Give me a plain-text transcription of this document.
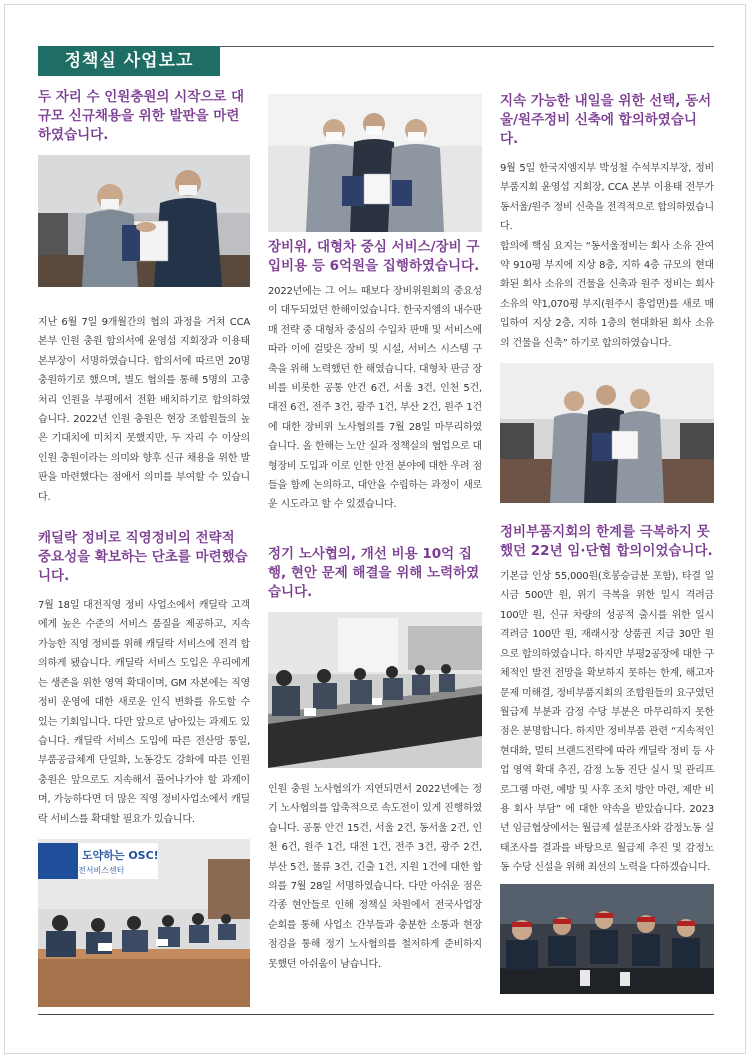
정책실 사업보고
두 자리 수 인원충원의 시작으로 대규모 신규채용을 위한 발판을 마련하였습니다.

지난 6월 7일 9개월간의 협의 과정을 거쳐 CCA 본부 인원 충원 합의서에 윤영섭 지회장과 이용태 본부장이 서명하였습니다. 합의서에 따르면 20명 충원하기로 했으며, 별도 협의를 통해 5명의 고충처리 인원을 부평에서 전환 배치하기로 합의하였습니다. 2022년 인원 충원은 현장 조합원들의 높은 기대치에 미치지 못했지만, 두 자리 수 이상의 인원 충원이라는 의미와 향후 신규 채용을 위한 발판을 마련했다는 점에서 의미를 부여할 수 있습니다.

캐딜락 정비로 직영정비의 전략적 중요성을 확보하는 단초를 마련했습니다.

7월 18일 대전직영 정비 사업소에서 캐딜락 고객에게 높은 수준의 서비스 품질을 제공하고, 지속 가능한 직영 정비를 위해 캐딜락 서비스에 전격 합의하게 됐습니다. 캐딜락 서비스 도입은 우리에게는 생존을 위한 영역 확대이며, GM 자본에는 직영 정비 운영에 대한 새로운 인식 변화를 유도할 수 있는 기회입니다. 다만 앞으로 남아있는 과제도 있습니다. 캐딜락 서비스 도입에 따른 전산망 통일, 부품공급체계 단일화, 노동강도 강화에 따른 인원 충원은 앞으로도 지속해서 풀어나가야 할 과제이며, 가능하다면 더 많은 직영 정비사업소에서 캐딜락 서비스를 확대할 필요가 있습니다.

도약하는 OSC!
전서비스센터
장비위, 대형차 중심 서비스/장비 구입비용 등 6억원을 집행하였습니다.

2022년에는 그 어느 때보다 장비위원회의 중요성이 대두되었던 한해이었습니다. 한국지엠의 내수판매 전략 중 대형차 중심의 수입차 판매 및 서비스에 따라 이에 걸맞은 장비 및 시설, 서비스 시스템 구축을 위해 노력했던 한 해였습니다. 대형차 판금 장비를 비롯한 공통 안건 6건, 서울 3건, 인천 5건, 대전 6건, 전주 3건, 광주 1건, 부산 2건, 원주 1건에 대한 장비위 노사협의를 7월 28일 마무리하였습니다. 올 한해는 노안 실과 정책실의 협업으로 대형장비 도입과 이로 인한 안전 분야에 대한 우려 점들을 함께 논의하고, 대안을 수립하는 과정이 새로운 시도라고 할 수 있겠습니다.

정기 노사협의, 개선 비용 10억 집행, 현안 문제 해결을 위해 노력하였습니다.

인원 충원 노사협의가 지연되면서 2022년에는 정기 노사협의를 압축적으로 속도전이 있게 진행하였습니다. 공통 안건 15건, 서울 2건, 동서울 2건, 인천 6건, 원주 1건, 대전 1건, 전주 3건, 광주 2건, 부산 5건, 물류 3건, 긴출 1건, 지원 1건에 대한 합의를 7월 28일 서명하였습니다. 다만 아쉬운 점은 각종 현안들로 인해 정책실 차원에서 전국사업장 순회를 통해 사업소 간부들과 충분한 소통과 현장점검을 통해 정기 노사협의를 철저하게 준비하지 못했던 아쉬움이 남습니다.

지속 가능한 내일을 위한 선택, 동서울/원주정비 신축에 합의하였습니다.

9월 5일 한국지엠지부 박성철 수석부지부장, 정비부품지회 윤영섭 지회장, CCA 본부 이용태 전무가 동서울/원주 정비 신축을 전격적으로 합의하였습니다.

합의에 핵심 요지는 “동서울정비는 회사 소유 잔여 약 910평 부지에 지상 8층, 지하 4층 규모의 현대화된 회사 소유의 건물을 신축과 원주 정비는 회사 소유의 약1,070평 부지(원주시 흥업면)를 새로 매입하여 지상 2층, 지하 1층의 현대화된 회사 소유의 건물을 신축” 하기로 합의하였습니다.

정비부품지회의 한계를 극복하지 못했던 22년 임·단협 합의이었습니다.

기본급 인상 55,000원(호봉승급분 포함), 타결 일시금 500만 원, 위기 극복을 위한 일시 격려금 100만 원, 신규 차량의 성공적 출시를 위한 일시 격려금 100만 원, 재래시장 상품권 지급 30만 원으로 합의하였습니다. 하지만 부평2공장에 대한 구체적인 발전 전망을 확보하지 못하는 한계, 해고자 문제 미해결, 정비부품지회의 조합원들의 요구였던 월급제 부분과 감정 수당 부분은 마무리하지 못한 점은 분명합니다. 하지만 정비부품 관련 “지속적인 현대화, 멀티 브랜드전략에 따라 캐딜락 정비 등 사업 영역 확대 추진, 감정 노동 진단 실시 및 관리프로그램 마련, 예방 및 사후 조치 방안 마련, 제반 비용 회사 부담” 에 대한 약속을 받았습니다. 2023년 임금협상에서는 월급제 설문조사와 감정노동 실태조사를 결과를 바탕으로 월급제 추진 및 감정노동 수당 신설을 위해 최선의 노력을 다하겠습니다.
